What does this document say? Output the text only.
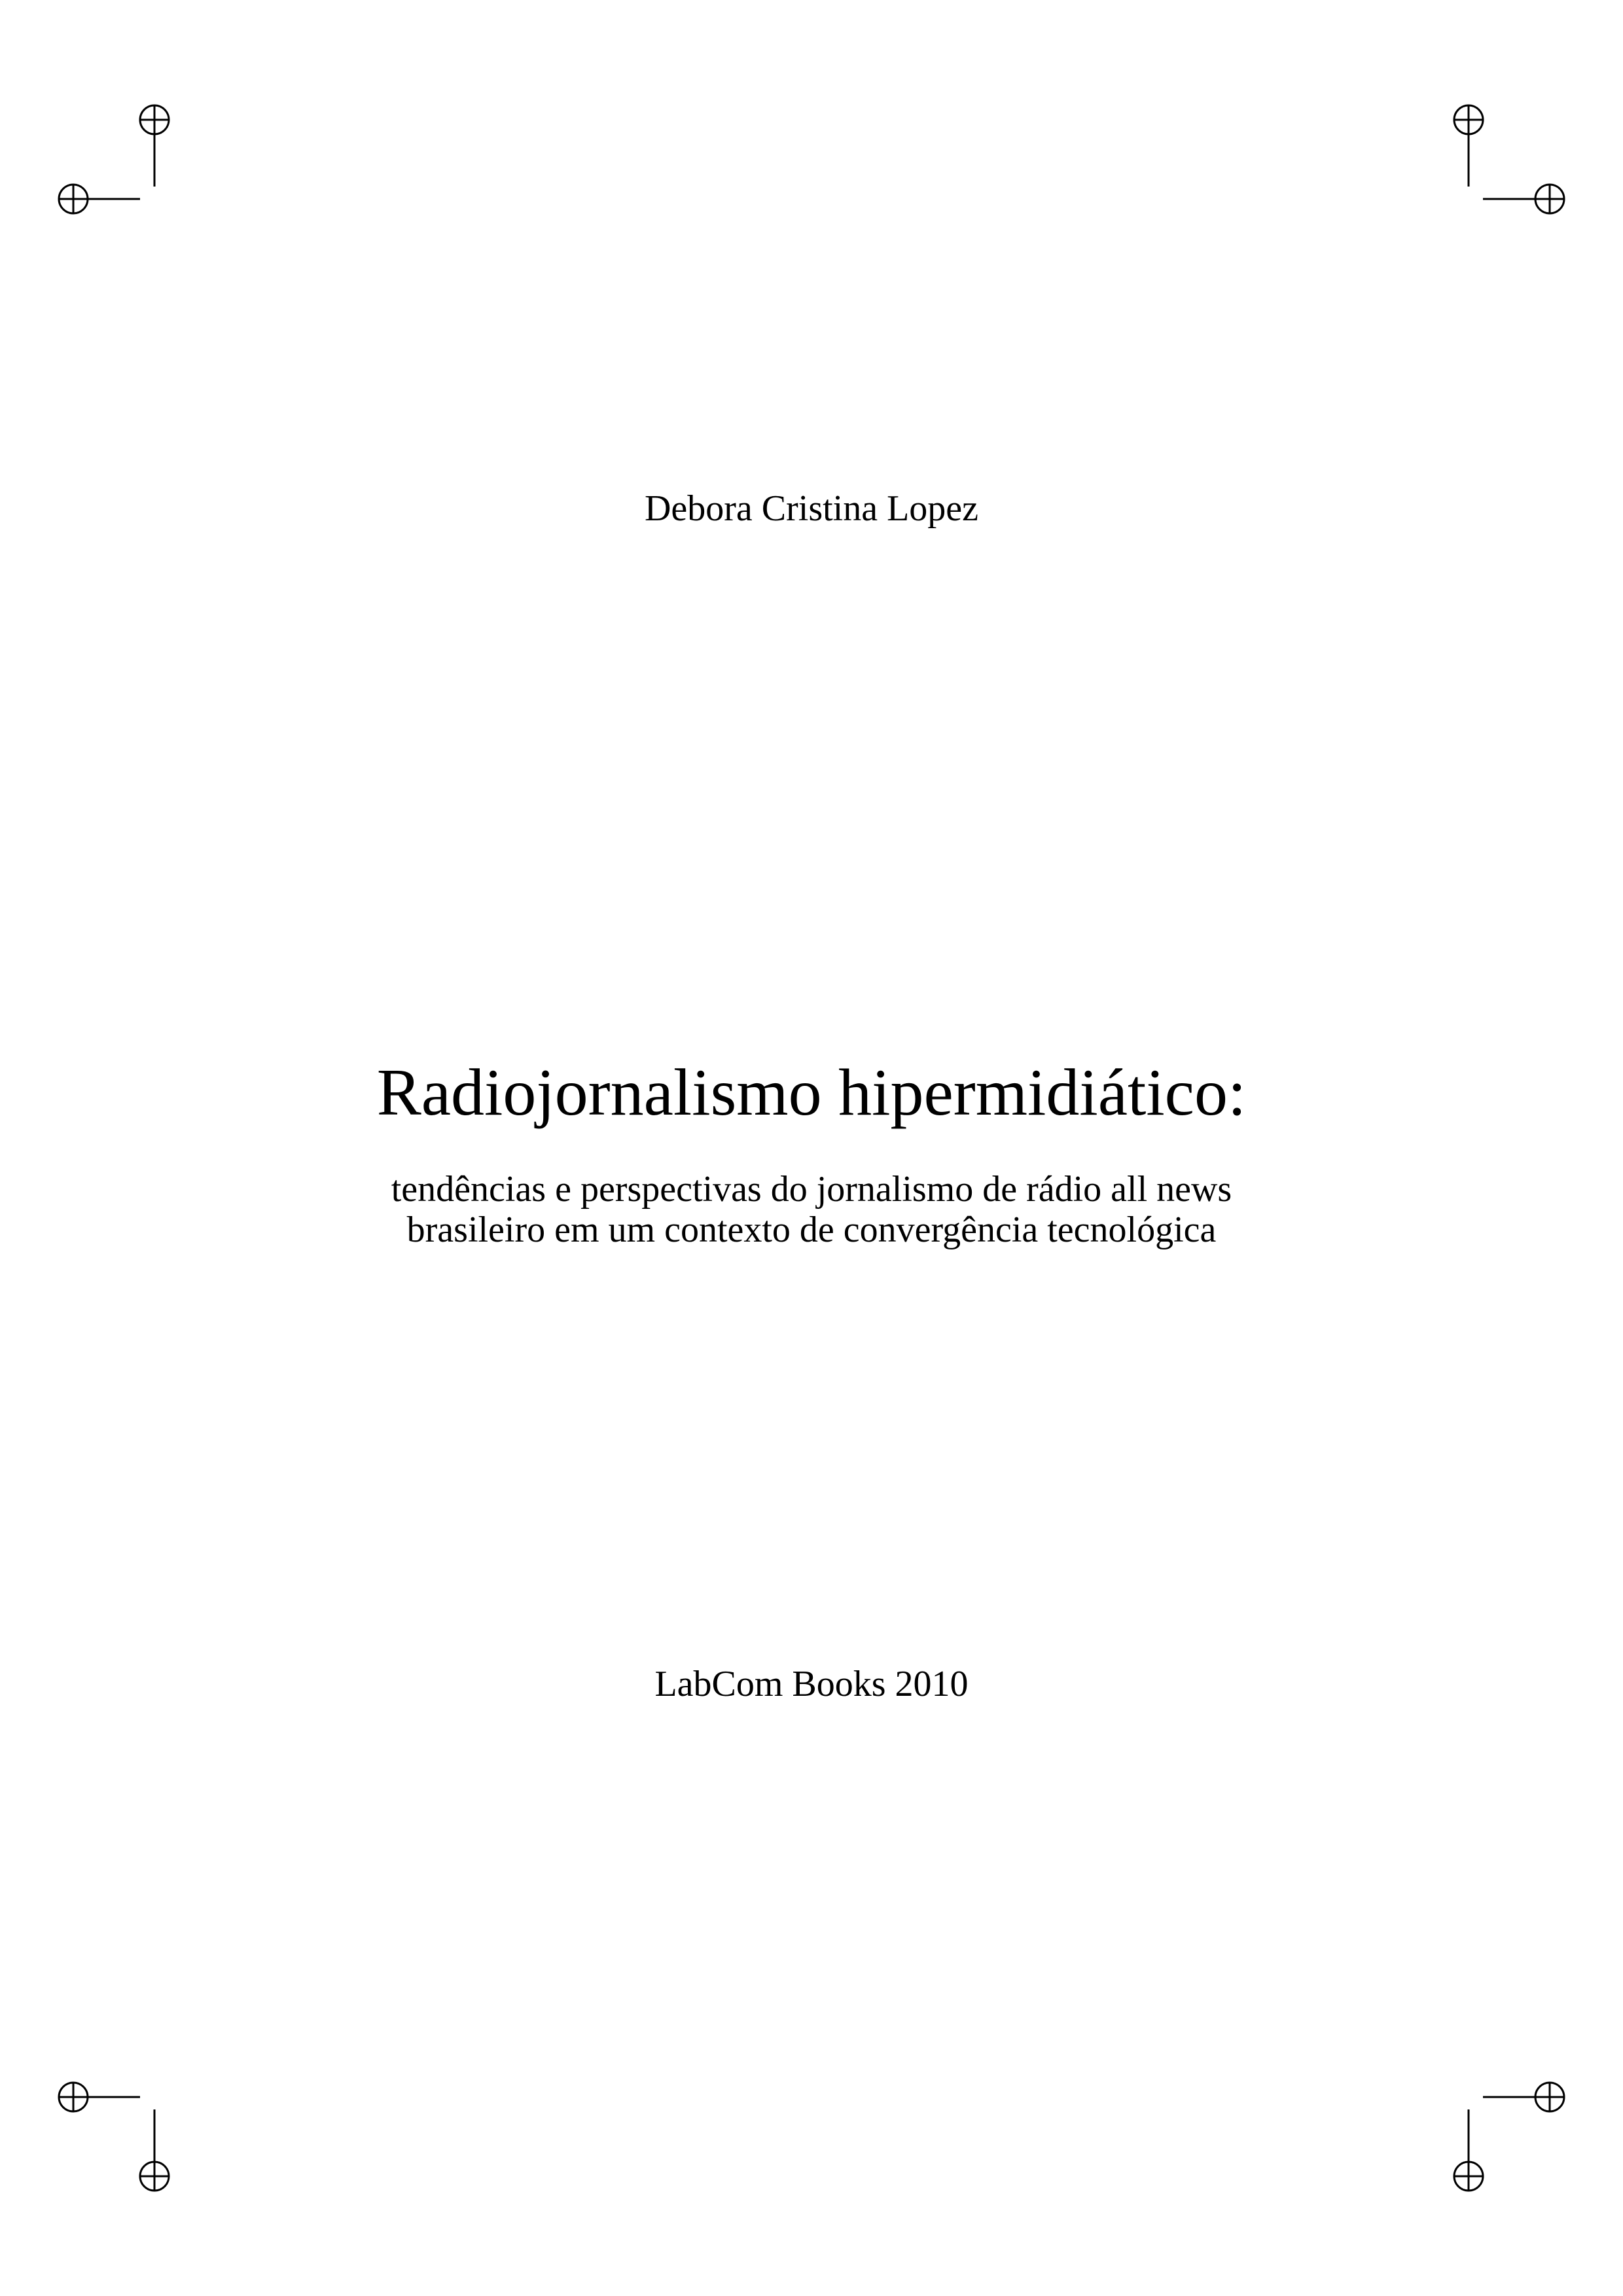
Debora Cristina Lopez
Radiojornalismo hipermidiático:
tendências e perspectivas do jornalismo de rádio all news
brasileiro em um contexto de convergência tecnológica
LabCom Books 2010
